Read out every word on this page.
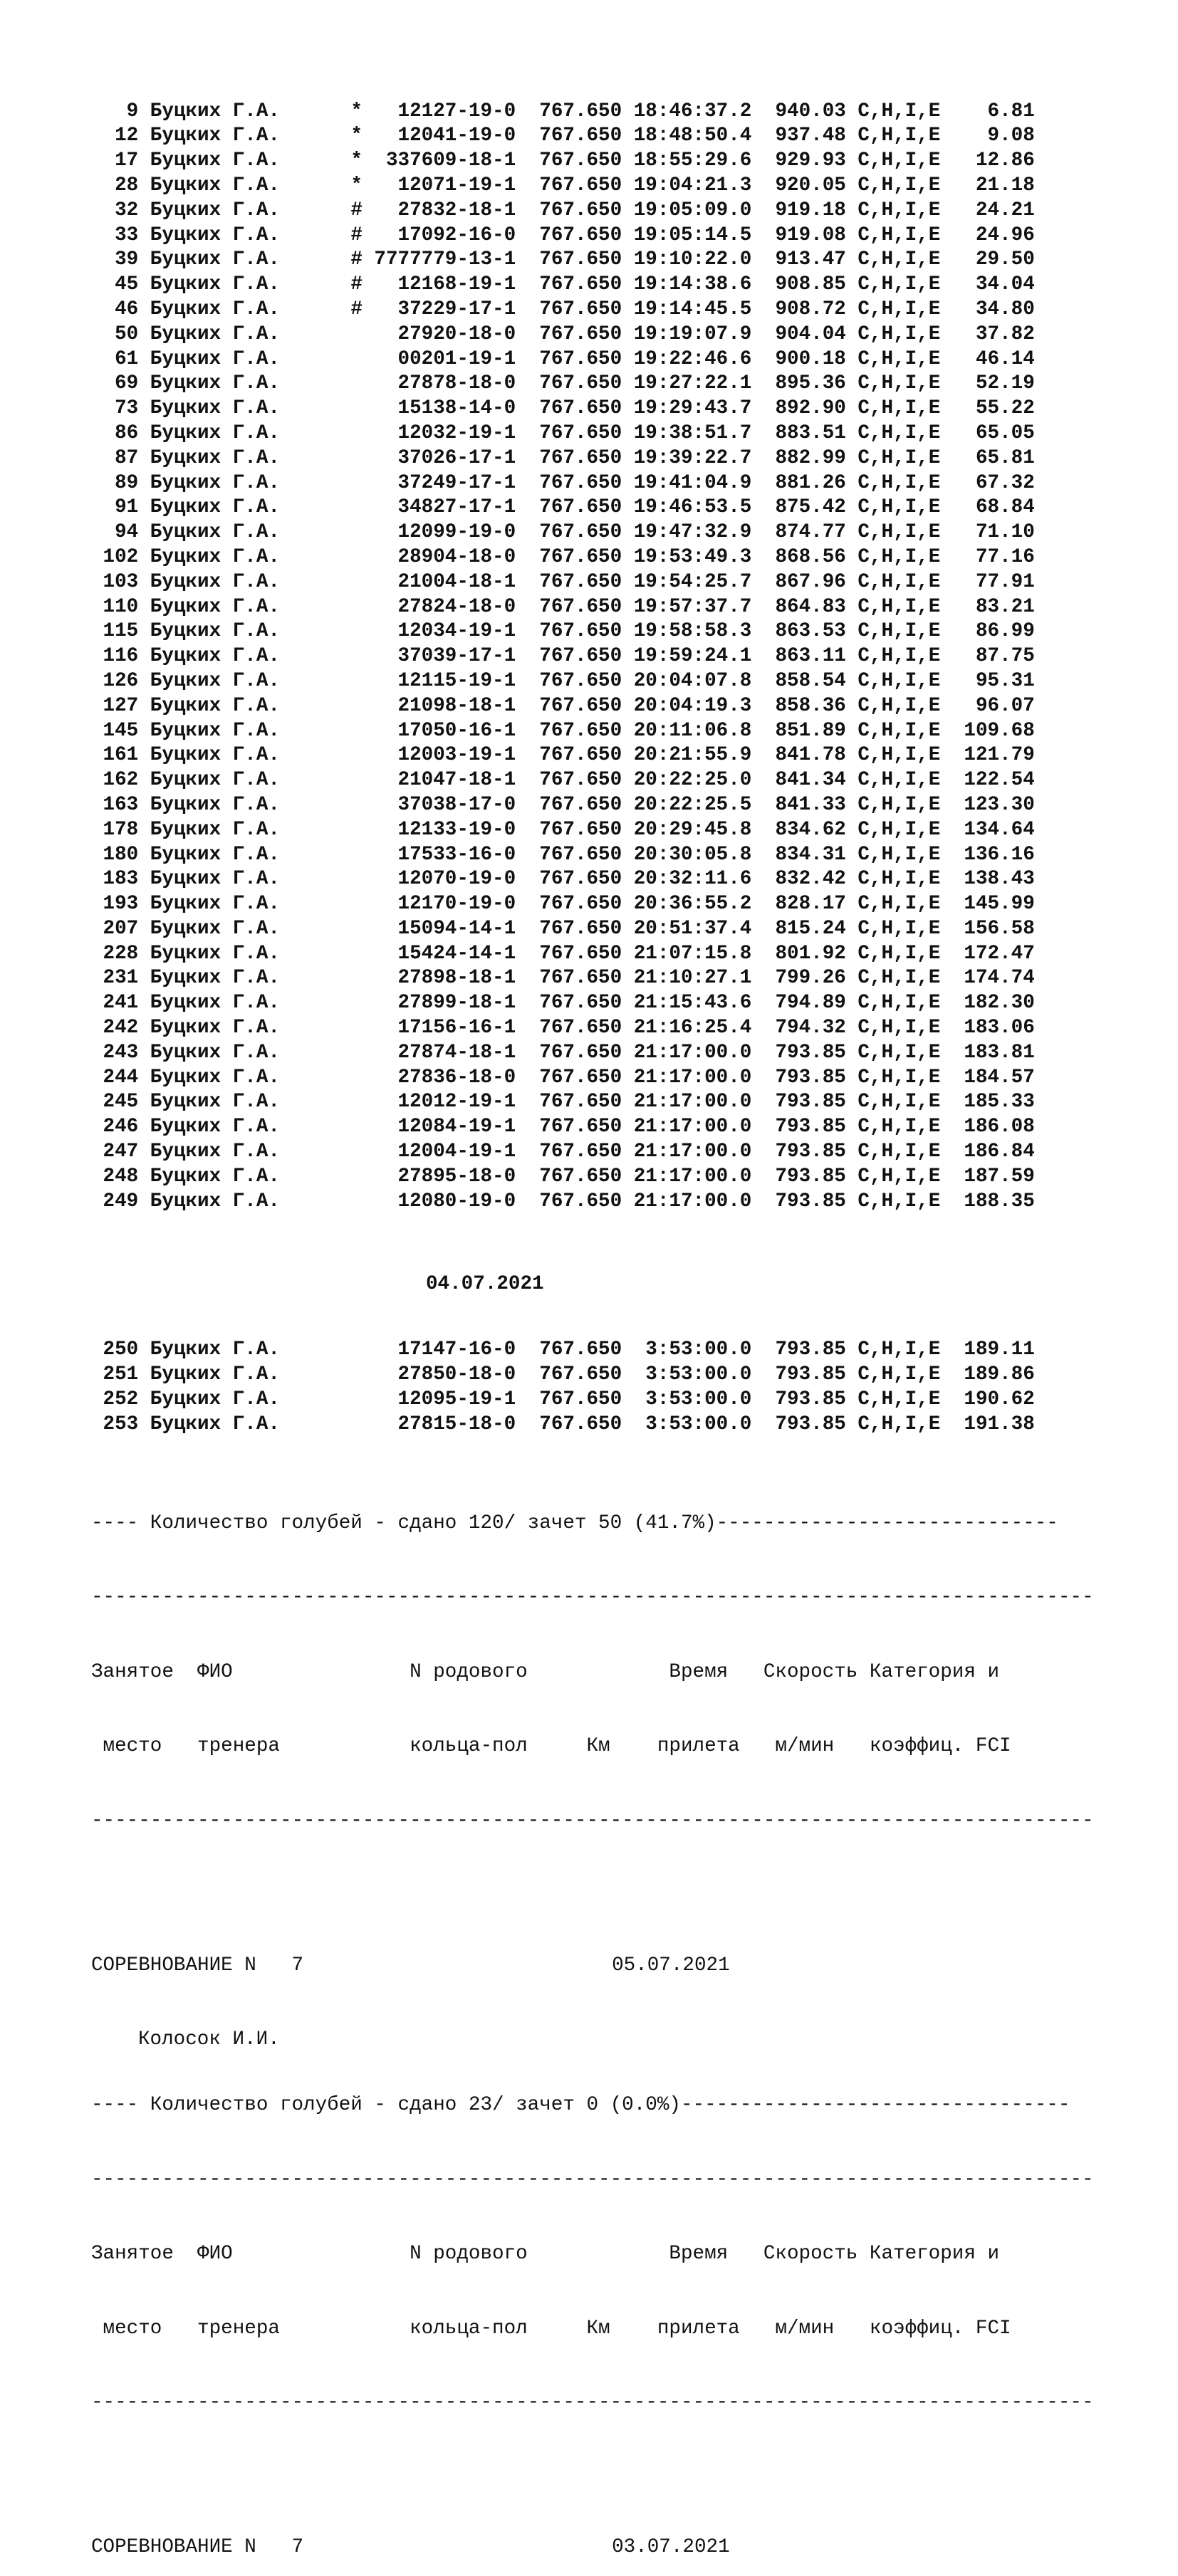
9 Буцких Г.А.      *   12127-19-0  767.650 18:46:37.2  940.03 C,H,I,E    6.81
12 Буцких Г.А.      *   12041-19-0  767.650 18:48:50.4  937.48 C,H,I,E    9.08
17 Буцких Г.А.      *  337609-18-1  767.650 18:55:29.6  929.93 C,H,I,E   12.86
28 Буцких Г.А.      *   12071-19-1  767.650 19:04:21.3  920.05 C,H,I,E   21.18
32 Буцких Г.А.      #   27832-18-1  767.650 19:05:09.0  919.18 C,H,I,E   24.21
33 Буцких Г.А.      #   17092-16-0  767.650 19:05:14.5  919.08 C,H,I,E   24.96
39 Буцких Г.А.      # 7777779-13-1  767.650 19:10:22.0  913.47 C,H,I,E   29.50
45 Буцких Г.А.      #   12168-19-1  767.650 19:14:38.6  908.85 C,H,I,E   34.04
46 Буцких Г.А.      #   37229-17-1  767.650 19:14:45.5  908.72 C,H,I,E   34.80
50 Буцких Г.А.          27920-18-0  767.650 19:19:07.9  904.04 C,H,I,E   37.82
61 Буцких Г.А.          00201-19-1  767.650 19:22:46.6  900.18 C,H,I,E   46.14
69 Буцких Г.А.          27878-18-0  767.650 19:27:22.1  895.36 C,H,I,E   52.19
73 Буцких Г.А.          15138-14-0  767.650 19:29:43.7  892.90 C,H,I,E   55.22
86 Буцких Г.А.          12032-19-1  767.650 19:38:51.7  883.51 C,H,I,E   65.05
87 Буцких Г.А.          37026-17-1  767.650 19:39:22.7  882.99 C,H,I,E   65.81
89 Буцких Г.А.          37249-17-1  767.650 19:41:04.9  881.26 C,H,I,E   67.32
91 Буцких Г.А.          34827-17-1  767.650 19:46:53.5  875.42 C,H,I,E   68.84
94 Буцких Г.А.          12099-19-0  767.650 19:47:32.9  874.77 C,H,I,E   71.10
102 Буцких Г.А.          28904-18-0  767.650 19:53:49.3  868.56 C,H,I,E   77.16
103 Буцких Г.А.          21004-18-1  767.650 19:54:25.7  867.96 C,H,I,E   77.91
110 Буцких Г.А.          27824-18-0  767.650 19:57:37.7  864.83 C,H,I,E   83.21
115 Буцких Г.А.          12034-19-1  767.650 19:58:58.3  863.53 C,H,I,E   86.99
116 Буцких Г.А.          37039-17-1  767.650 19:59:24.1  863.11 C,H,I,E   87.75
126 Буцких Г.А.          12115-19-1  767.650 20:04:07.8  858.54 C,H,I,E   95.31
127 Буцких Г.А.          21098-18-1  767.650 20:04:19.3  858.36 C,H,I,E   96.07
145 Буцких Г.А.          17050-16-1  767.650 20:11:06.8  851.89 C,H,I,E  109.68
161 Буцких Г.А.          12003-19-1  767.650 20:21:55.9  841.78 C,H,I,E  121.79
162 Буцких Г.А.          21047-18-1  767.650 20:22:25.0  841.34 C,H,I,E  122.54
163 Буцких Г.А.          37038-17-0  767.650 20:22:25.5  841.33 C,H,I,E  123.30
178 Буцких Г.А.          12133-19-0  767.650 20:29:45.8  834.62 C,H,I,E  134.64
180 Буцких Г.А.          17533-16-0  767.650 20:30:05.8  834.31 C,H,I,E  136.16
183 Буцких Г.А.          12070-19-0  767.650 20:32:11.6  832.42 C,H,I,E  138.43
193 Буцких Г.А.          12170-19-0  767.650 20:36:55.2  828.17 C,H,I,E  145.99
207 Буцких Г.А.          15094-14-1  767.650 20:51:37.4  815.24 C,H,I,E  156.58
228 Буцких Г.А.          15424-14-1  767.650 21:07:15.8  801.92 C,H,I,E  172.47
231 Буцких Г.А.          27898-18-1  767.650 21:10:27.1  799.26 C,H,I,E  174.74
241 Буцких Г.А.          27899-18-1  767.650 21:15:43.6  794.89 C,H,I,E  182.30
242 Буцких Г.А.          17156-16-1  767.650 21:16:25.4  794.32 C,H,I,E  183.06
243 Буцких Г.А.          27874-18-1  767.650 21:17:00.0  793.85 C,H,I,E  183.81
244 Буцких Г.А.          27836-18-0  767.650 21:17:00.0  793.85 C,H,I,E  184.57
245 Буцких Г.А.          12012-19-1  767.650 21:17:00.0  793.85 C,H,I,E  185.33
246 Буцких Г.А.          12084-19-1  767.650 21:17:00.0  793.85 C,H,I,E  186.08
247 Буцких Г.А.          12004-19-1  767.650 21:17:00.0  793.85 C,H,I,E  186.84
248 Буцких Г.А.          27895-18-0  767.650 21:17:00.0  793.85 C,H,I,E  187.59
249 Буцких Г.А.          12080-19-0  767.650 21:17:00.0  793.85 C,H,I,E  188.35

04.07.2021

250 Буцких Г.А.          17147-16-0  767.650  3:53:00.0  793.85 C,H,I,E  189.11
251 Буцких Г.А.          27850-18-0  767.650  3:53:00.0  793.85 C,H,I,E  189.86
252 Буцких Г.А.          12095-19-1  767.650  3:53:00.0  793.85 C,H,I,E  190.62
253 Буцких Г.А.          27815-18-0  767.650  3:53:00.0  793.85 C,H,I,E  191.38

---- Количество голубей - сдано 120/ зачет 50 (41.7%)-----------------------------

-------------------------------------------------------------------------------------

Занятое  ФИО               N родового            Время   Скорость Категория и

место   тренера           кольца-пол     Км    прилета   м/мин   коэффиц. FCI

-------------------------------------------------------------------------------------

СОРЕВНОВАНИЕ N   7	05.07.2021

Колосок И.И.

---- Количество голубей - сдано 23/ зачет 0 (0.0%)---------------------------------

-------------------------------------------------------------------------------------

Занятое  ФИО               N родового            Время   Скорость Категория и

место   тренера           кольца-пол     Км    прилета   м/мин   коэффиц. FCI

-------------------------------------------------------------------------------------

СОРЕВНОВАНИЕ N   7	03.07.2021
